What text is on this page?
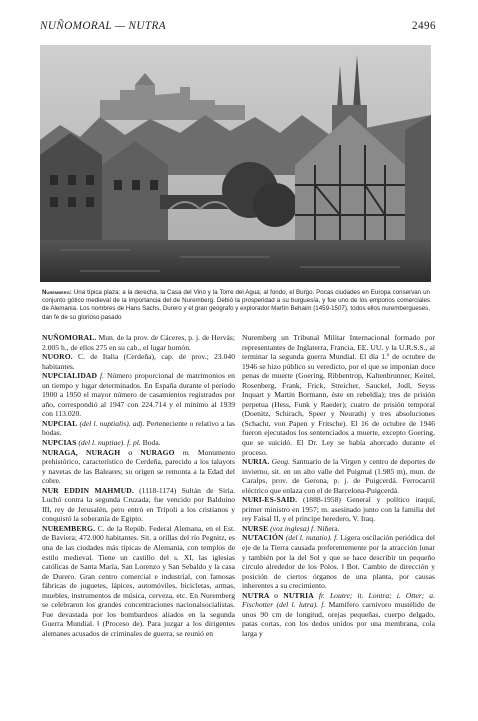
NUÑOMORAL — NUTRA	2496
Nuremberg: Una típica plaza: a la derecha, la Casa del Vino y la Torre del Agua; al fondo, el Burgo. Pocas ciudades en Europa conservan un conjunto gótico medieval de la importancia del de Nuremberg. Debió la prosperidad a su burguesía, y fue uno de los emporios comerciales de Alemania. Los nombres de Hans Sachs, Durero y el gran geógrafo y explorador Martín Behaim (1459-1507), todos ellos nurembergueses, dan fe de su glorioso pasado

NUÑOMORAL. Mun. de la prov. de Cáceres, p. j. de Hervás; 2.005 h., de ellos 275 en su cab., el lugar homón.

NUORO. C. de Italia (Cerdeña), cap. de prov.; 23.040 habitantes.

NUPCIALIDAD f. Número proporcional de matrimonios en un tiempo y lugar determinados. En España durante el período 1900 a 1950 el mayor número de casamientos registrados por año, correspondió al 1947 con 224.714 y el mínimo al 1939 con 113.020.

NUPCIAL (del l. nuptialis). adj. Perteneciente o relativo a las bodas.

NUPCIAS (del l. nuptiae). f. pl. Boda.

NURAGA, NURAGH o NURAGO m. Monumento prehistórico, característico de Cerdeña, parecido a los talayots y navetas de las Baleares; su origen se remonta a la Edad del cobre.

NUR EDDIN MAHMUD. (1118-1174) Sultán de Siria. Luchó contra la segunda Cruzada; fue vencido por Balduino III, rey de Jerusalén, pero entró en Trípoli a los cristianos y conquistó la soberanía de Egipto.

NUREMBERG. C. de la Repúb. Federal Alemana, en el Est. de Baviera; 472.000 habitantes. Sit. a orillas del río Pegnitz, es una de las ciudades más típicas de Alemania, con templos de estilo medieval. Tiene un castillo del s. XI, las iglesias católicas de Santa María, San Lorenzo y San Sebaldo y la casa de Durero. Gran centro comercial e industrial, con famosas fábricas de juguetes, lápices, automóviles, bicicletas, armas, muebles, instrumentos de música, cerveza, etc. En Nuremberg se celebraron los grandes concentraciones nacionalsocialistas. Fue devastada por los bombardeos aliados en la segunda Guerra Mundial. ‖ (Proceso de). Para juzgar a los dirigentes alemanes acusados de criminales de guerra, se reunió en

Nuremberg un Tribunal Militar Internacional formado por representantes de Inglaterra, Francia, EE. UU. y la U.R.S.S., al terminar la segunda guerra Mundial. El día 1.º de octubre de 1946 se hizo público su veredicto, por el que se imponían doce penas de muerte (Goering, Ribbentrop, Kaltenbrunner, Keitel, Rosenberg, Frank, Frick, Streicher, Sauckel, Jodl, Seyss Inquart y Martin Bormann, éste en rebeldía); tres de prisión perpetua (Hess, Funk y Raeder); cuatro de prisión temporal (Doenitz, Schirach, Speer y Neurath) y tres absoluciones (Schacht, von Papen y Fritsche). El 16 de octubre de 1946 fueron ejecutados los sentenciados a muerte, excepto Goering, que se suicidó. El Dr. Ley se había ahorcado durante el proceso.

NURIA. Geog. Santuario de la Virgen y centro de deportes de invierno, sit. en un alto valle del Puigmal (1.985 m), mun. de Caralps, prov. de Gerona, p. j. de Puigcerdá. Ferrocarril eléctrico que enlaza con el de Barcelona-Puigcerdá.

NURI-ES-SAID. (1888-1958) General y político iraquí, primer ministro en 1957; m. asesinado junto con la familia del rey Faisal II, y el príncipe heredero, V. Iraq.

NURSE (voz inglesa) f. Niñera.

NUTACIÓN (del l. nutatio). f. Ligera oscilación periódica del eje de la Tierra causada preferentemente por la atracción lunar y también por la del Sol y que se hace describir un pequeño círculo alrededor de los Polos. ‖ Bot. Cambio de dirección y posición de ciertos órganos de una planta, por causas inherentes a su crecimiento.

NUTRA o NUTRIA fr. Loutre; it. Lontra; i. Otter; a. Fischotter (del l. lutra). f. Mamífero carnívoro mustélido de unos 90 cm de longitud, orejas pequeñas, cuerpo delgado, patas cortas, con los dedos unidos por una membrana, cola larga y
